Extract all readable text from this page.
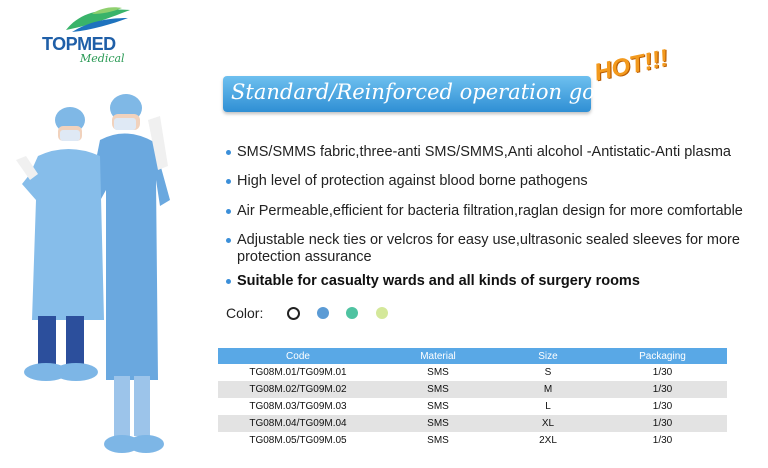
TOPMED
Medical
Standard/Reinforced operation gown
HOT!!!
SMS/SMMS fabric,three-anti SMS/SMMS,Anti alcohol -Antistatic-Anti plasma
High level of protection against blood borne pathogens
Air Permeable,efficient for bacteria filtration,raglan design for more comfortable
Adjustable neck ties or velcros for easy use,ultrasonic sealed sleeves for more protection assurance
Suitable for casualty wards and all kinds of surgery rooms
Color:
Code	Material	Size	Packaging
TG08M.01/TG09M.01	SMS	S	1/30
TG08M.02/TG09M.02	SMS	M	1/30
TG08M.03/TG09M.03	SMS	L	1/30
TG08M.04/TG09M.04	SMS	XL	1/30
TG08M.05/TG09M.05	SMS	2XL	1/30
